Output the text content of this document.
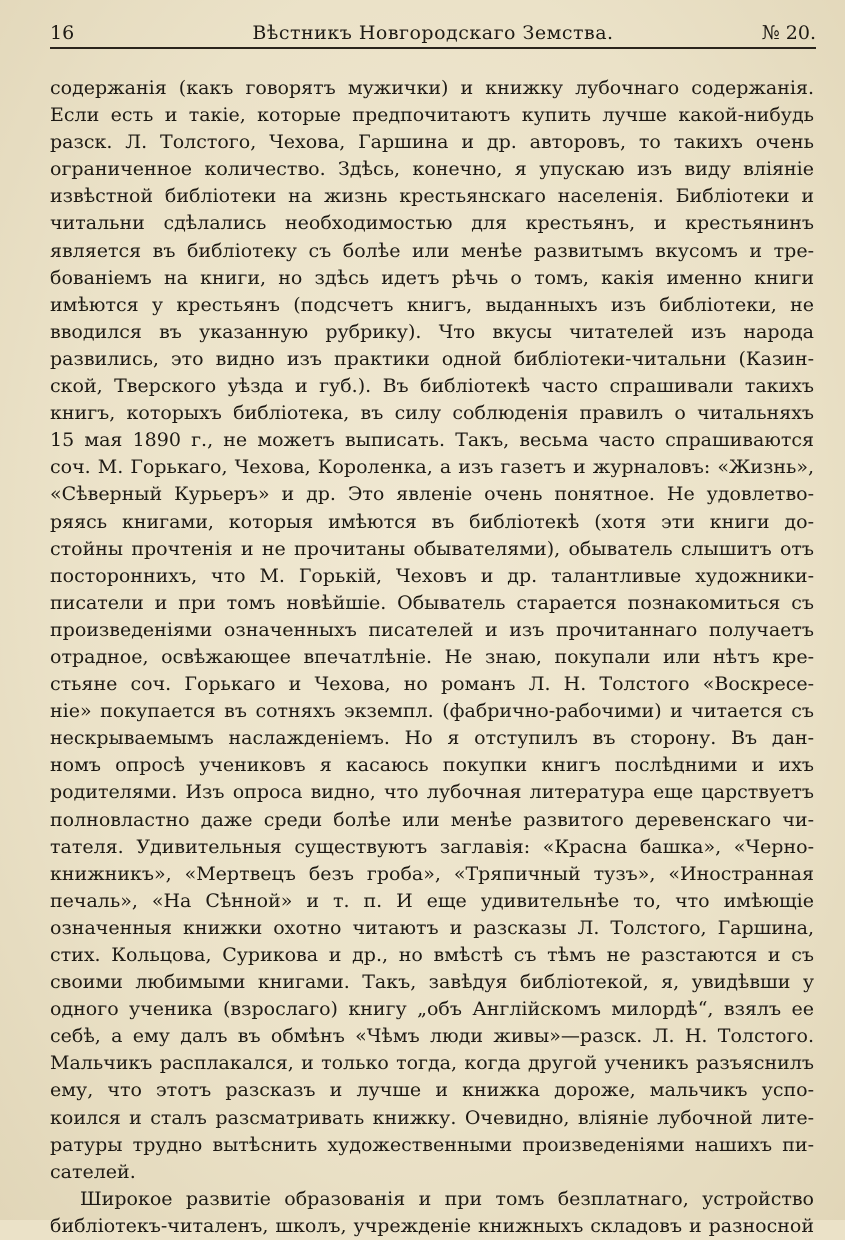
16	Вѣстникъ Новгородскаго Земства.	№ 20.
содержанія (какъ говорятъ мужички) и книжку лубочнаго содержанія.
Если есть и такіе, которые предпочитаютъ купить лучше какой-нибудь
разск. Л. Толстого, Чехова, Гаршина и др. авторовъ, то такихъ очень
ограниченное количество. Здѣсь, конечно, я упускаю изъ виду вліяніе
извѣстной библіотеки на жизнь крестьянскаго населенія. Библіотеки и
читальни сдѣлались необходимостью для крестьянъ, и крестьянинъ
является въ библіотеку съ болѣе или менѣе развитымъ вкусомъ и тре-
бованіемъ на книги, но здѣсь идетъ рѣчь о томъ, какія именно книги
имѣются у крестьянъ (подсчетъ книгъ, выданныхъ изъ библіотеки, не
вводился въ указанную рубрику). Что вкусы читателей изъ народа
развились, это видно изъ практики одной библіотеки-читальни (Казин-
ской, Тверского уѣзда и губ.). Въ библіотекѣ часто спрашивали такихъ
книгъ, которыхъ библіотека, въ силу соблюденія правилъ о читальняхъ
15 мая 1890 г., не можетъ выписать. Такъ, весьма часто спрашиваются
соч. М. Горькаго, Чехова, Короленка, а изъ газетъ и журналовъ: «Жизнь»,
«Сѣверный Курьеръ» и др. Это явленіе очень понятное. Не удовлетво-
ряясь книгами, которыя имѣются въ библіотекѣ (хотя эти книги до-
стойны прочтенія и не прочитаны обывателями), обыватель слышитъ отъ
постороннихъ, что М. Горькій, Чеховъ и др. талантливые художники-
писатели и при томъ новѣйшіе. Обыватель старается познакомиться съ
произведеніями означенныхъ писателей и изъ прочитаннаго получаетъ
отрадное, освѣжающее впечатлѣніе. Не знаю, покупали или нѣтъ кре-
стьяне соч. Горькаго и Чехова, но романъ Л. Н. Толстого «Воскресе-
ніе» покупается въ сотняхъ экземпл. (фабрично-рабочими) и читается съ
нескрываемымъ наслажденіемъ. Но я отступилъ въ сторону. Въ дан-
номъ опросѣ учениковъ я касаюсь покупки книгъ послѣдними и ихъ
родителями. Изъ опроса видно, что лубочная литература еще царствуетъ
полновластно даже среди болѣе или менѣе развитого деревенскаго чи-
тателя. Удивительныя существуютъ заглавія: «Красна башка», «Черно-
книжникъ», «Мертвецъ безъ гроба», «Тряпичный тузъ», «Иностранная
печаль», «На Сѣнной» и т. п. И еще удивительнѣе то, что имѣющіе
означенныя книжки охотно читаютъ и разсказы Л. Толстого, Гаршина,
стих. Кольцова, Сурикова и др., но вмѣстѣ съ тѣмъ не разстаются и съ
своими любимыми книгами. Такъ, завѣдуя библіотекой, я, увидѣвши у
одного ученика (взрослаго) книгу „объ Англійскомъ милордѣ“, взялъ ее
себѣ, а ему далъ въ обмѣнъ «Чѣмъ люди живы»—разск. Л. Н. Толстого.
Мальчикъ расплакался, и только тогда, когда другой ученикъ разъяснилъ
ему, что этотъ разсказъ и лучше и книжка дороже, мальчикъ успо-
коился и сталъ разсматривать книжку. Очевидно, вліяніе лубочной лите-
ратуры трудно вытѣснить художественными произведеніями нашихъ пи-
сателей.
Широкое развитіе образованія и при томъ безплатнаго, устройство
библіотекъ-читаленъ, школъ, учрежденіе книжныхъ складовъ и разносной
